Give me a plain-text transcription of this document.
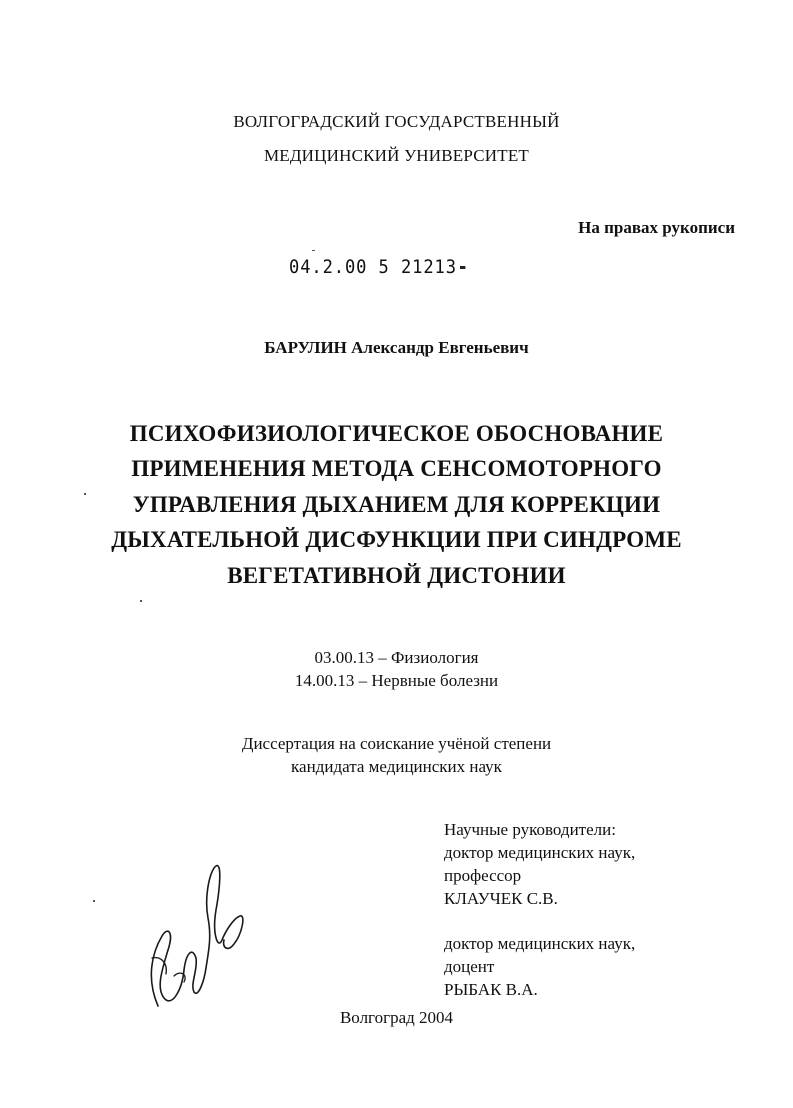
ВОЛГОГРАДСКИЙ ГОСУДАРСТВЕННЫЙ
МЕДИЦИНСКИЙ УНИВЕРСИТЕТ
На правах рукописи
04.2.00 5 21213
БАРУЛИН Александр Евгеньевич
ПСИХОФИЗИОЛОГИЧЕСКОЕ ОБОСНОВАНИЕ
ПРИМЕНЕНИЯ МЕТОДА СЕНСОМОТОРНОГО
УПРАВЛЕНИЯ ДЫХАНИЕМ ДЛЯ КОРРЕКЦИИ
ДЫХАТЕЛЬНОЙ ДИСФУНКЦИИ ПРИ СИНДРОМЕ
ВЕГЕТАТИВНОЙ ДИСТОНИИ
03.00.13 – Физиология
14.00.13 – Нервные болезни
Диссертация на соискание учёной степени
кандидата медицинских наук
Научные руководители:
доктор медицинских наук,
профессор
КЛАУЧЕК С.В.
доктор медицинских наук,
доцент
РЫБАК В.А.
Волгоград 2004
